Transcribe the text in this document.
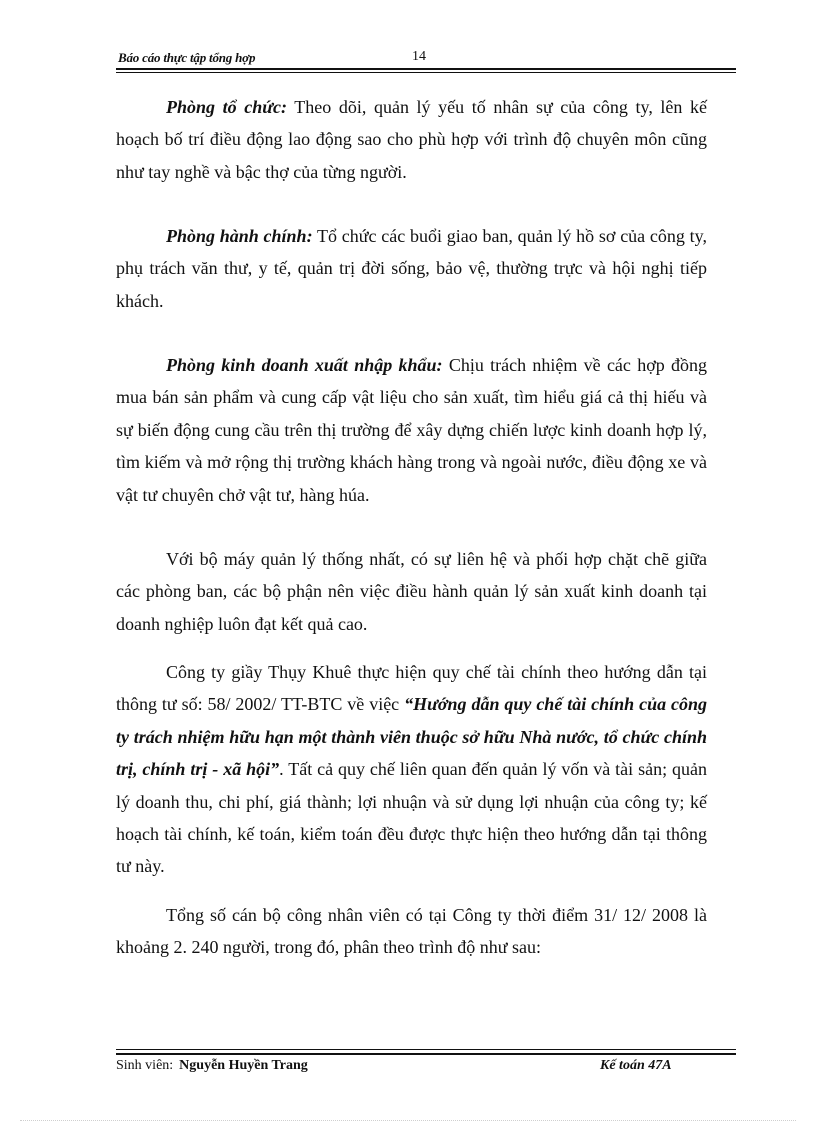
Báo cáo thực tập tổng hợp	14

Phòng tổ chức: Theo dõi, quản lý yếu tố nhân sự của công ty, lên kế hoạch bố trí điều động lao động sao cho phù hợp với trình độ chuyên môn cũng như tay nghề và bậc thợ của từng người.

Phòng hành chính: Tổ chức các buổi giao ban, quản lý hồ sơ của công ty, phụ trách văn thư, y tế, quản trị đời sống, bảo vệ, thường trực và hội nghị tiếp khách.

Phòng kinh doanh xuất nhập khẩu: Chịu trách nhiệm về các hợp đồng mua bán sản phẩm và cung cấp vật liệu cho sản xuất, tìm hiểu giá cả thị hiếu và sự biến động cung cầu trên thị trường để xây dựng chiến lược kinh doanh hợp lý, tìm kiếm và mở rộng thị trường khách hàng trong và ngoài nước, điều động xe và vật tư chuyên chở vật tư, hàng húa.

Với bộ máy quản lý thống nhất, có sự liên hệ và phối hợp chặt chẽ giữa các phòng ban, các bộ phận nên việc điều hành quản lý sản xuất kinh doanh tại doanh nghiệp luôn đạt kết quả cao.

Công ty giầy Thụy Khuê thực hiện quy chế tài chính theo hướng dẫn tại thông tư số: 58/ 2002/ TT-BTC về việc “Hướng dẫn quy chế tài chính của công ty trách nhiệm hữu hạn một thành viên thuộc sở hữu Nhà nước, tổ chức chính trị, chính trị - xã hội”. Tất cả quy chế liên quan đến quản lý vốn và tài sản; quản lý doanh thu, chi phí, giá thành; lợi nhuận và sử dụng lợi nhuận của công ty; kế hoạch tài chính, kế toán, kiểm toán đều được thực hiện theo hướng dẫn tại thông tư này.

Tổng số cán bộ công nhân viên có tại Công ty thời điểm 31/ 12/ 2008 là khoảng 2. 240 người, trong đó, phân theo trình độ như sau:

Sinh viên: Nguyễn Huyền Trang	Kế toán 47A
